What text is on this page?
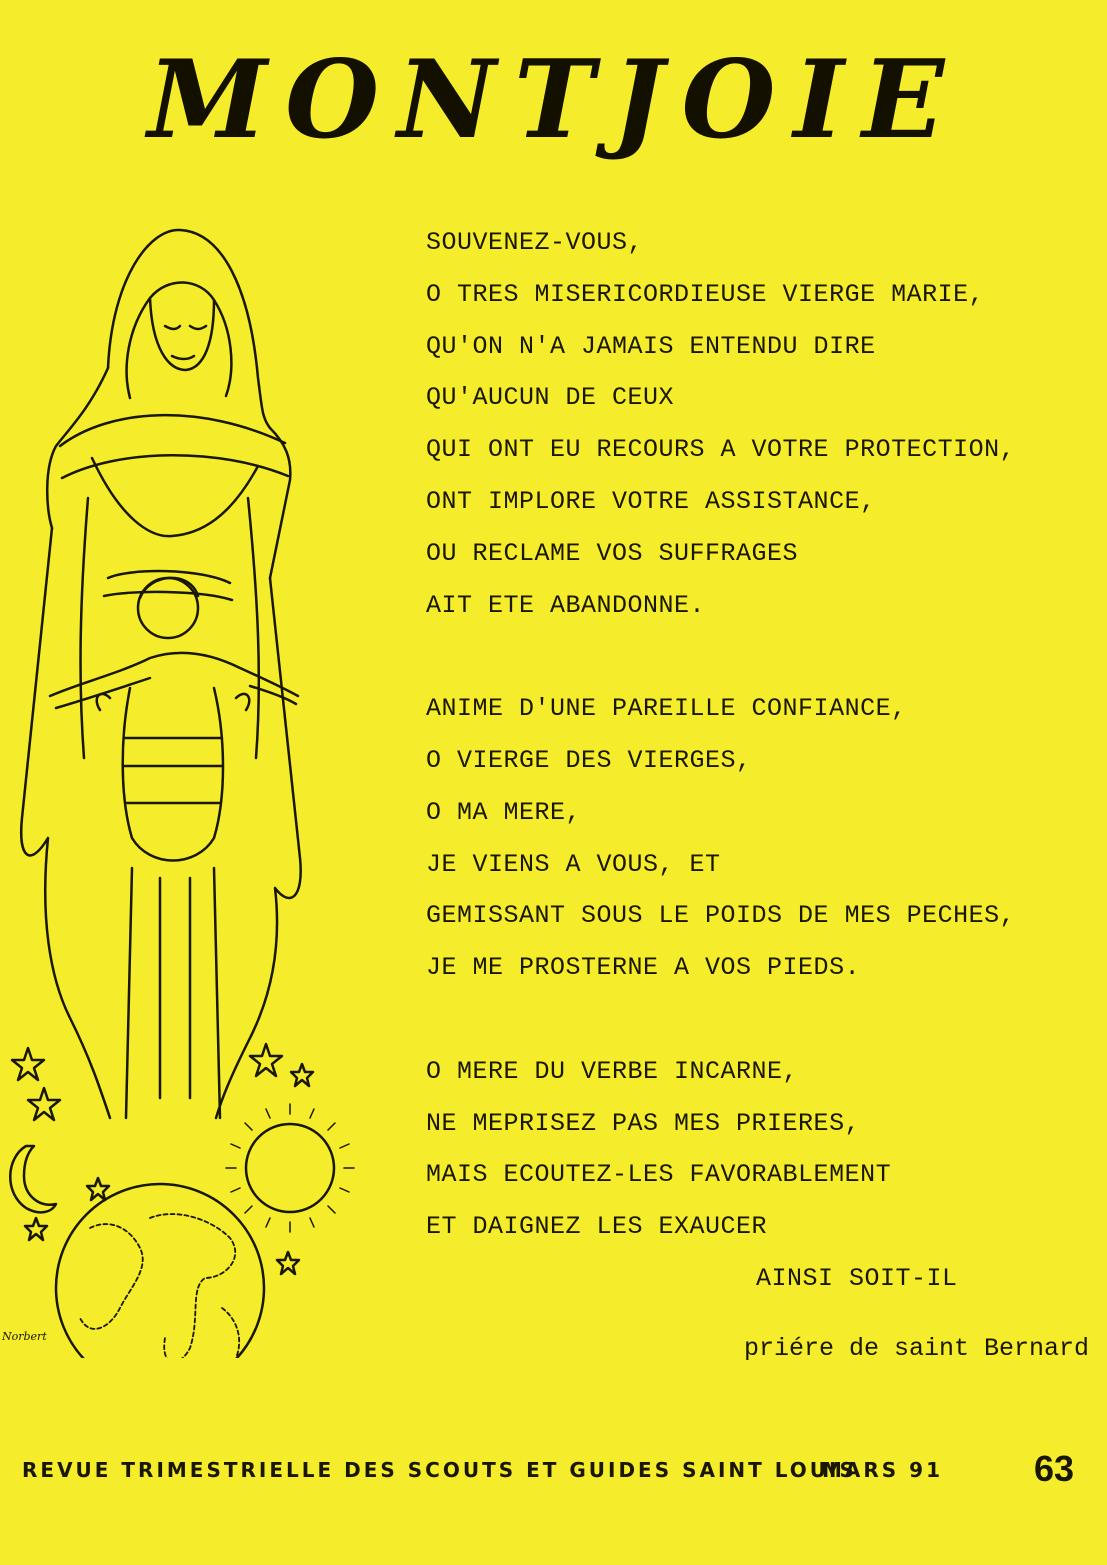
MONTJOIE
Norbert
SOUVENEZ-VOUS,
O TRES MISERICORDIEUSE VIERGE MARIE,
QU'ON N'A JAMAIS ENTENDU DIRE
QU'AUCUN DE CEUX
QUI ONT EU RECOURS A VOTRE PROTECTION,
ONT IMPLORE VOTRE ASSISTANCE,
OU RECLAME VOS SUFFRAGES
AIT ETE ABANDONNE.
ANIME D'UNE PAREILLE CONFIANCE,
O VIERGE DES VIERGES,
O MA MERE,
JE VIENS A VOUS, ET
GEMISSANT SOUS LE POIDS DE MES PECHES,
JE ME PROSTERNE A VOS PIEDS.
O MERE DU VERBE INCARNE,
NE MEPRISEZ PAS MES PRIERES,
MAIS ECOUTEZ-LES FAVORABLEMENT
ET DAIGNEZ LES EXAUCER
AINSI SOIT-IL
priére de saint Bernard
REVUE TRIMESTRIELLE DES SCOUTS ET GUIDES SAINT LOUIS
MARS 91	63
